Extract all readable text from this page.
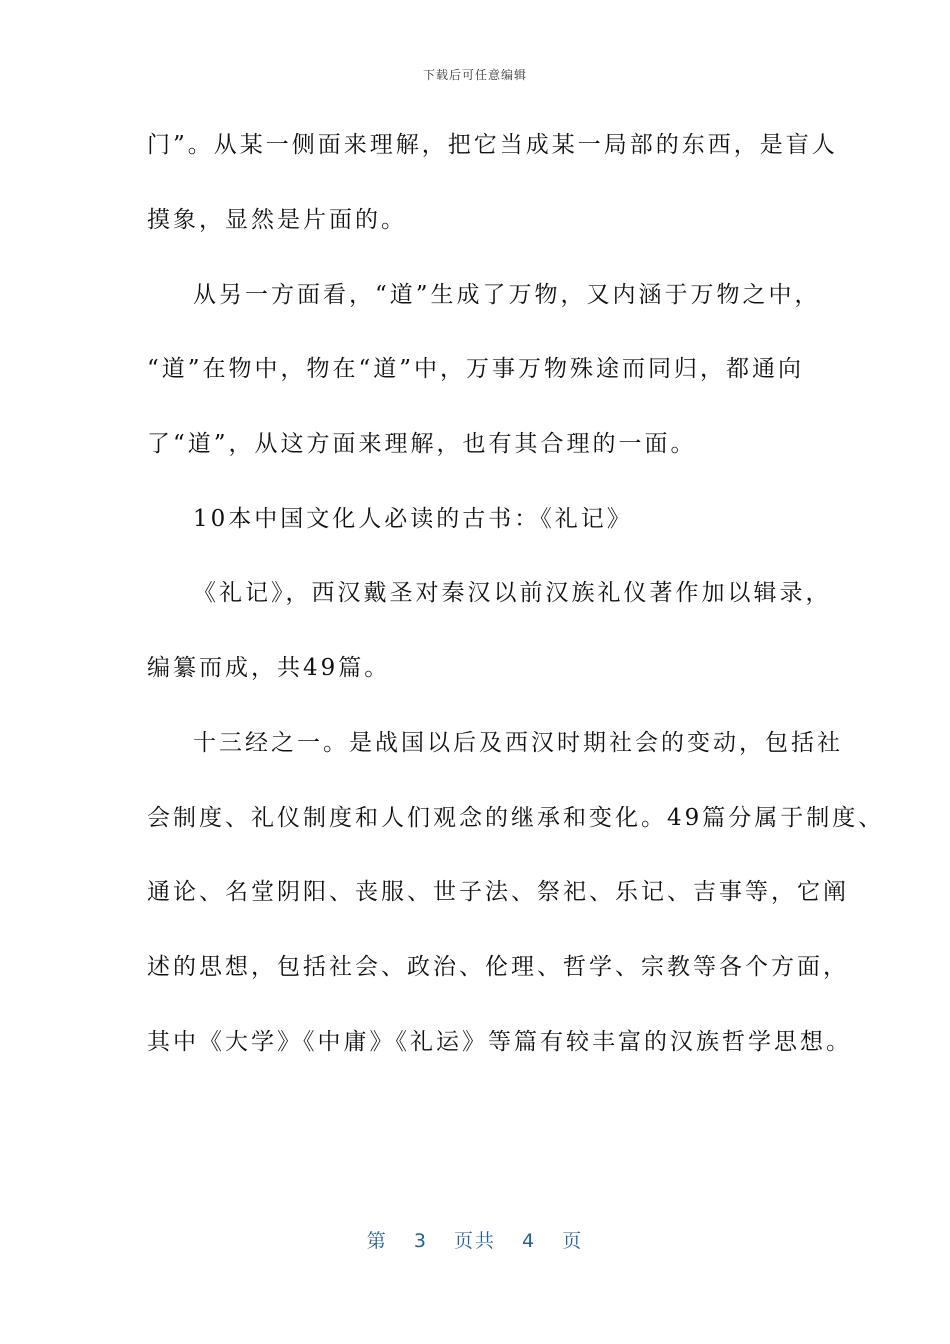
下载后可任意编辑
门”。从某一侧面来理解，把它当成某一局部的东西，是盲人
摸象，显然是片面的。
从另一方面看，“道”生成了万物，又内涵于万物之中，
“道”在物中，物在“道”中，万事万物殊途而同归，都通向
了“道”，从这方面来理解，也有其合理的一面。
10本中国文化人必读的古书：《礼记》
《礼记》，西汉戴圣对秦汉以前汉族礼仪著作加以辑录，
编纂而成，共49篇。
十三经之一。是战国以后及西汉时期社会的变动，包括社
会制度、礼仪制度和人们观念的继承和变化。49篇分属于制度、
通论、名堂阴阳、丧服、世子法、祭祀、乐记、吉事等，它阐
述的思想，包括社会、政治、伦理、哲学、宗教等各个方面，
其中《大学》《中庸》《礼运》等篇有较丰富的汉族哲学思想。
第 3 页共 4 页
